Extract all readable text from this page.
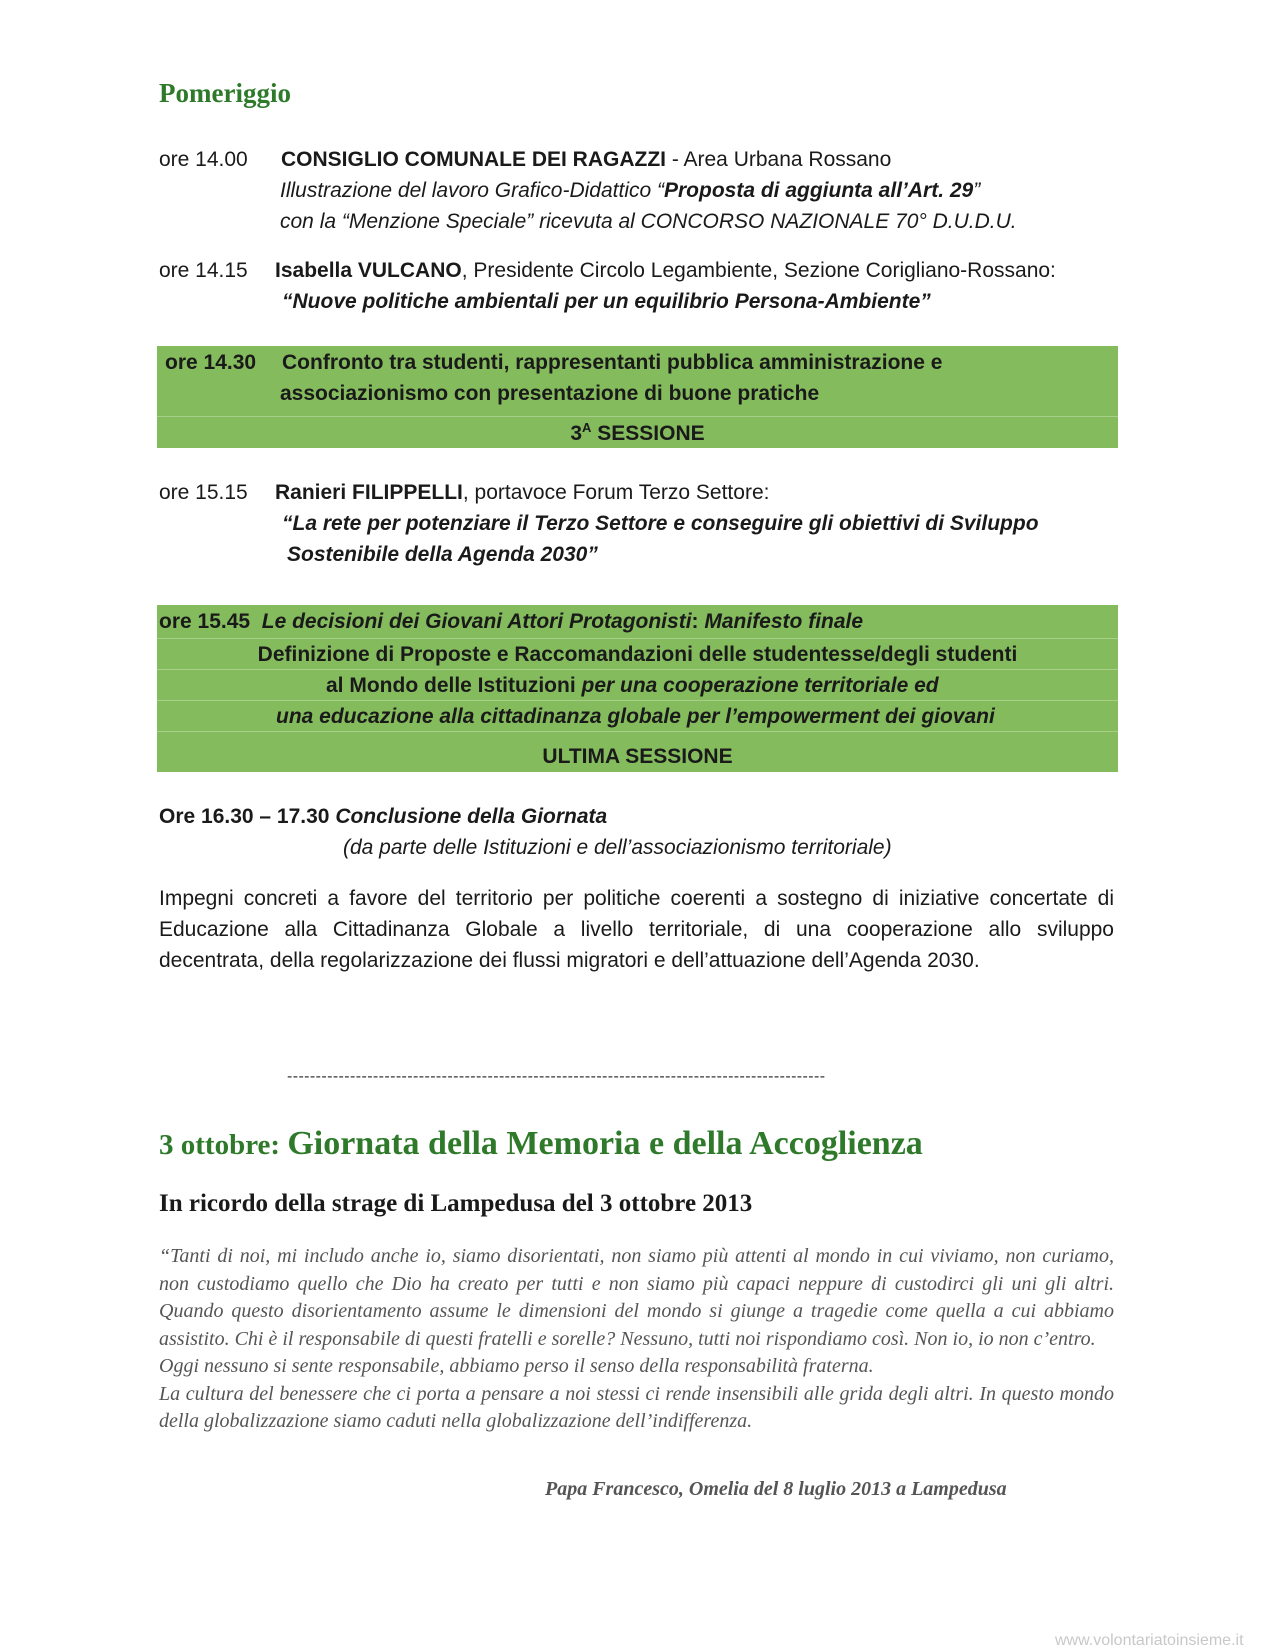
Pomeriggio
ore 14.00 CONSIGLIO COMUNALE DEI RAGAZZI - Area Urbana Rossano
Illustrazione del lavoro Grafico-Didattico “Proposta di aggiunta all’Art. 29”
con la “Menzione Speciale” ricevuta al CONCORSO NAZIONALE 70° D.U.D.U.
ore 14.15 Isabella VULCANO, Presidente Circolo Legambiente, Sezione Corigliano-Rossano:
“Nuove politiche ambientali per un equilibrio Persona-Ambiente”
ore 14.30 Confronto tra studenti, rappresentanti pubblica amministrazione e
associazionismo con presentazione di buone pratiche
$3^A$ SESSIONE
ore 15.15 Ranieri FILIPPELLI, portavoce Forum Terzo Settore:
“La rete per potenziare il Terzo Settore e conseguire gli obiettivi di Sviluppo
Sostenibile della Agenda 2030”
ore 15.45 Le decisioni dei Giovani Attori Protagonisti: Manifesto finale
Definizione di Proposte e Raccomandazioni delle studentesse/degli studenti
al Mondo delle Istituzioni per una cooperazione territoriale ed
una educazione alla cittadinanza globale per l’empowerment dei giovani
ULTIMA SESSIONE
Ore 16.30 – 17.30 Conclusione della Giornata
(da parte delle Istituzioni e dell’associazionismo territoriale)
Impegni concreti a favore del territorio per politiche coerenti a sostegno di iniziative concertate di Educazione alla Cittadinanza Globale a livello territoriale, di una cooperazione allo sviluppo decentrata, della regolarizzazione dei flussi migratori e dell’attuazione dell’Agenda 2030.
----------------------------------------------------------------------------------------------
3 ottobre: Giornata della Memoria e della Accoglienza
In ricordo della strage di Lampedusa del 3 ottobre 2013
“Tanti di noi, mi includo anche io, siamo disorientati, non siamo più attenti al mondo in cui viviamo, non curiamo, non custodiamo quello che Dio ha creato per tutti e non siamo più capaci neppure di custodirci gli uni gli altri. Quando questo disorientamento assume le dimensioni del mondo si giunge a tragedie come quella a cui abbiamo assistito. Chi è il responsabile di questi fratelli e sorelle? Nessuno, tutti noi rispondiamo così. Non io, io non c’entro.
Oggi nessuno si sente responsabile, abbiamo perso il senso della responsabilità fraterna.
La cultura del benessere che ci porta a pensare a noi stessi ci rende insensibili alle grida degli altri. In questo mondo della globalizzazione siamo caduti nella globalizzazione dell’indifferenza.
Papa Francesco, Omelia del 8 luglio 2013 a Lampedusa
www.volontariatoinsieme.it
